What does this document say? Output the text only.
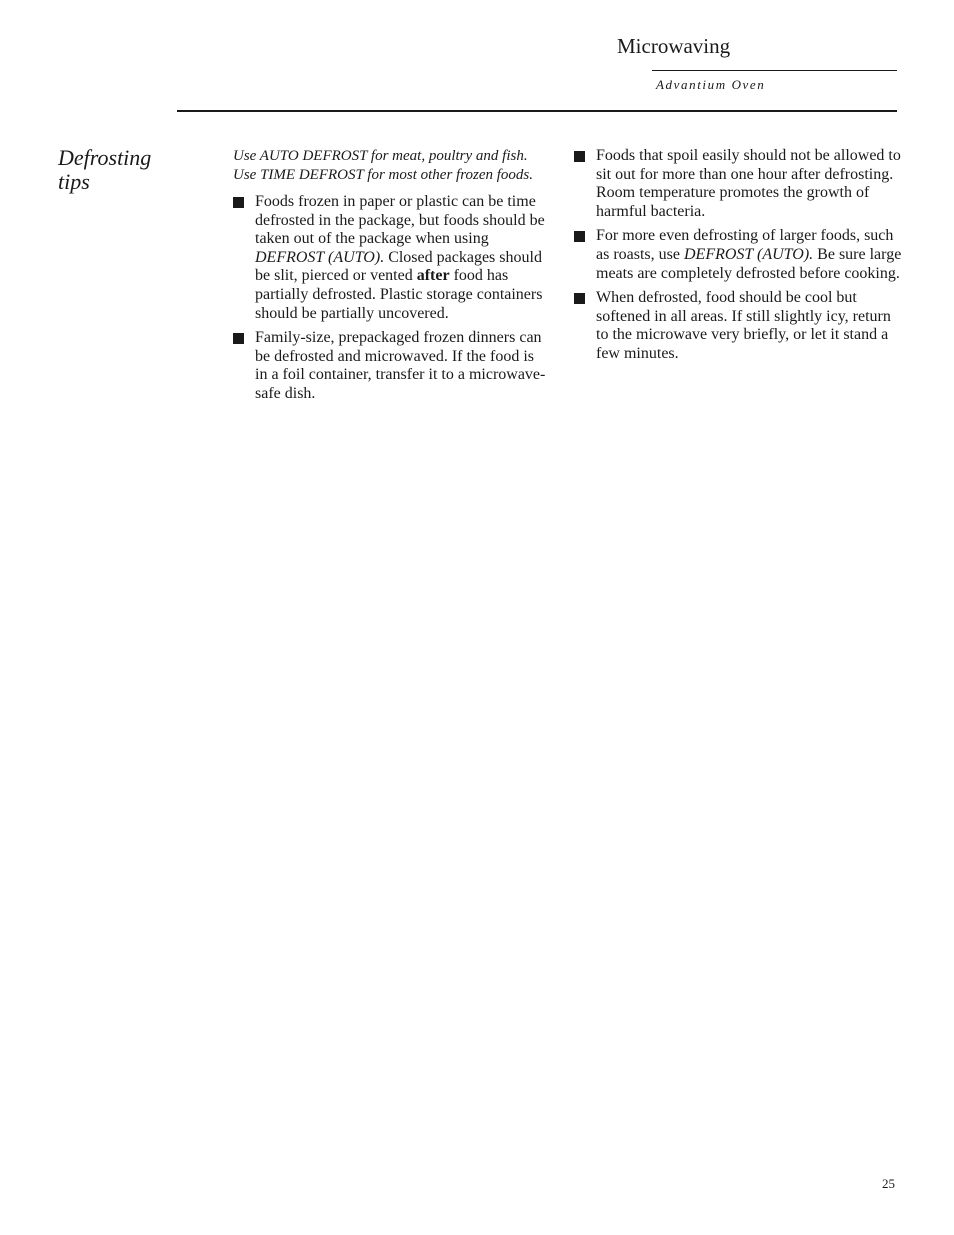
Microwaving
Advantium Oven
Defrosting
tips

Use AUTO DEFROST for meat, poultry and fish. Use TIME DEFROST for most other frozen foods.

Foods frozen in paper or plastic can be time defrosted in the package, but foods should be taken out of the package when using DEFROST (AUTO). Closed packages should be slit, pierced or vented after food has partially defrosted. Plastic storage containers should be partially uncovered.
Family-size, prepackaged frozen dinners can be defrosted and microwaved. If the food is in a foil container, transfer it to a microwave-safe dish.
Foods that spoil easily should not be allowed to sit out for more than one hour after defrosting. Room temperature promotes the growth of harmful bacteria.
For more even defrosting of larger foods, such as roasts, use DEFROST (AUTO). Be sure large meats are completely defrosted before cooking.
When defrosted, food should be cool but softened in all areas. If still slightly icy, return to the microwave very briefly, or let it stand a few minutes.
25
